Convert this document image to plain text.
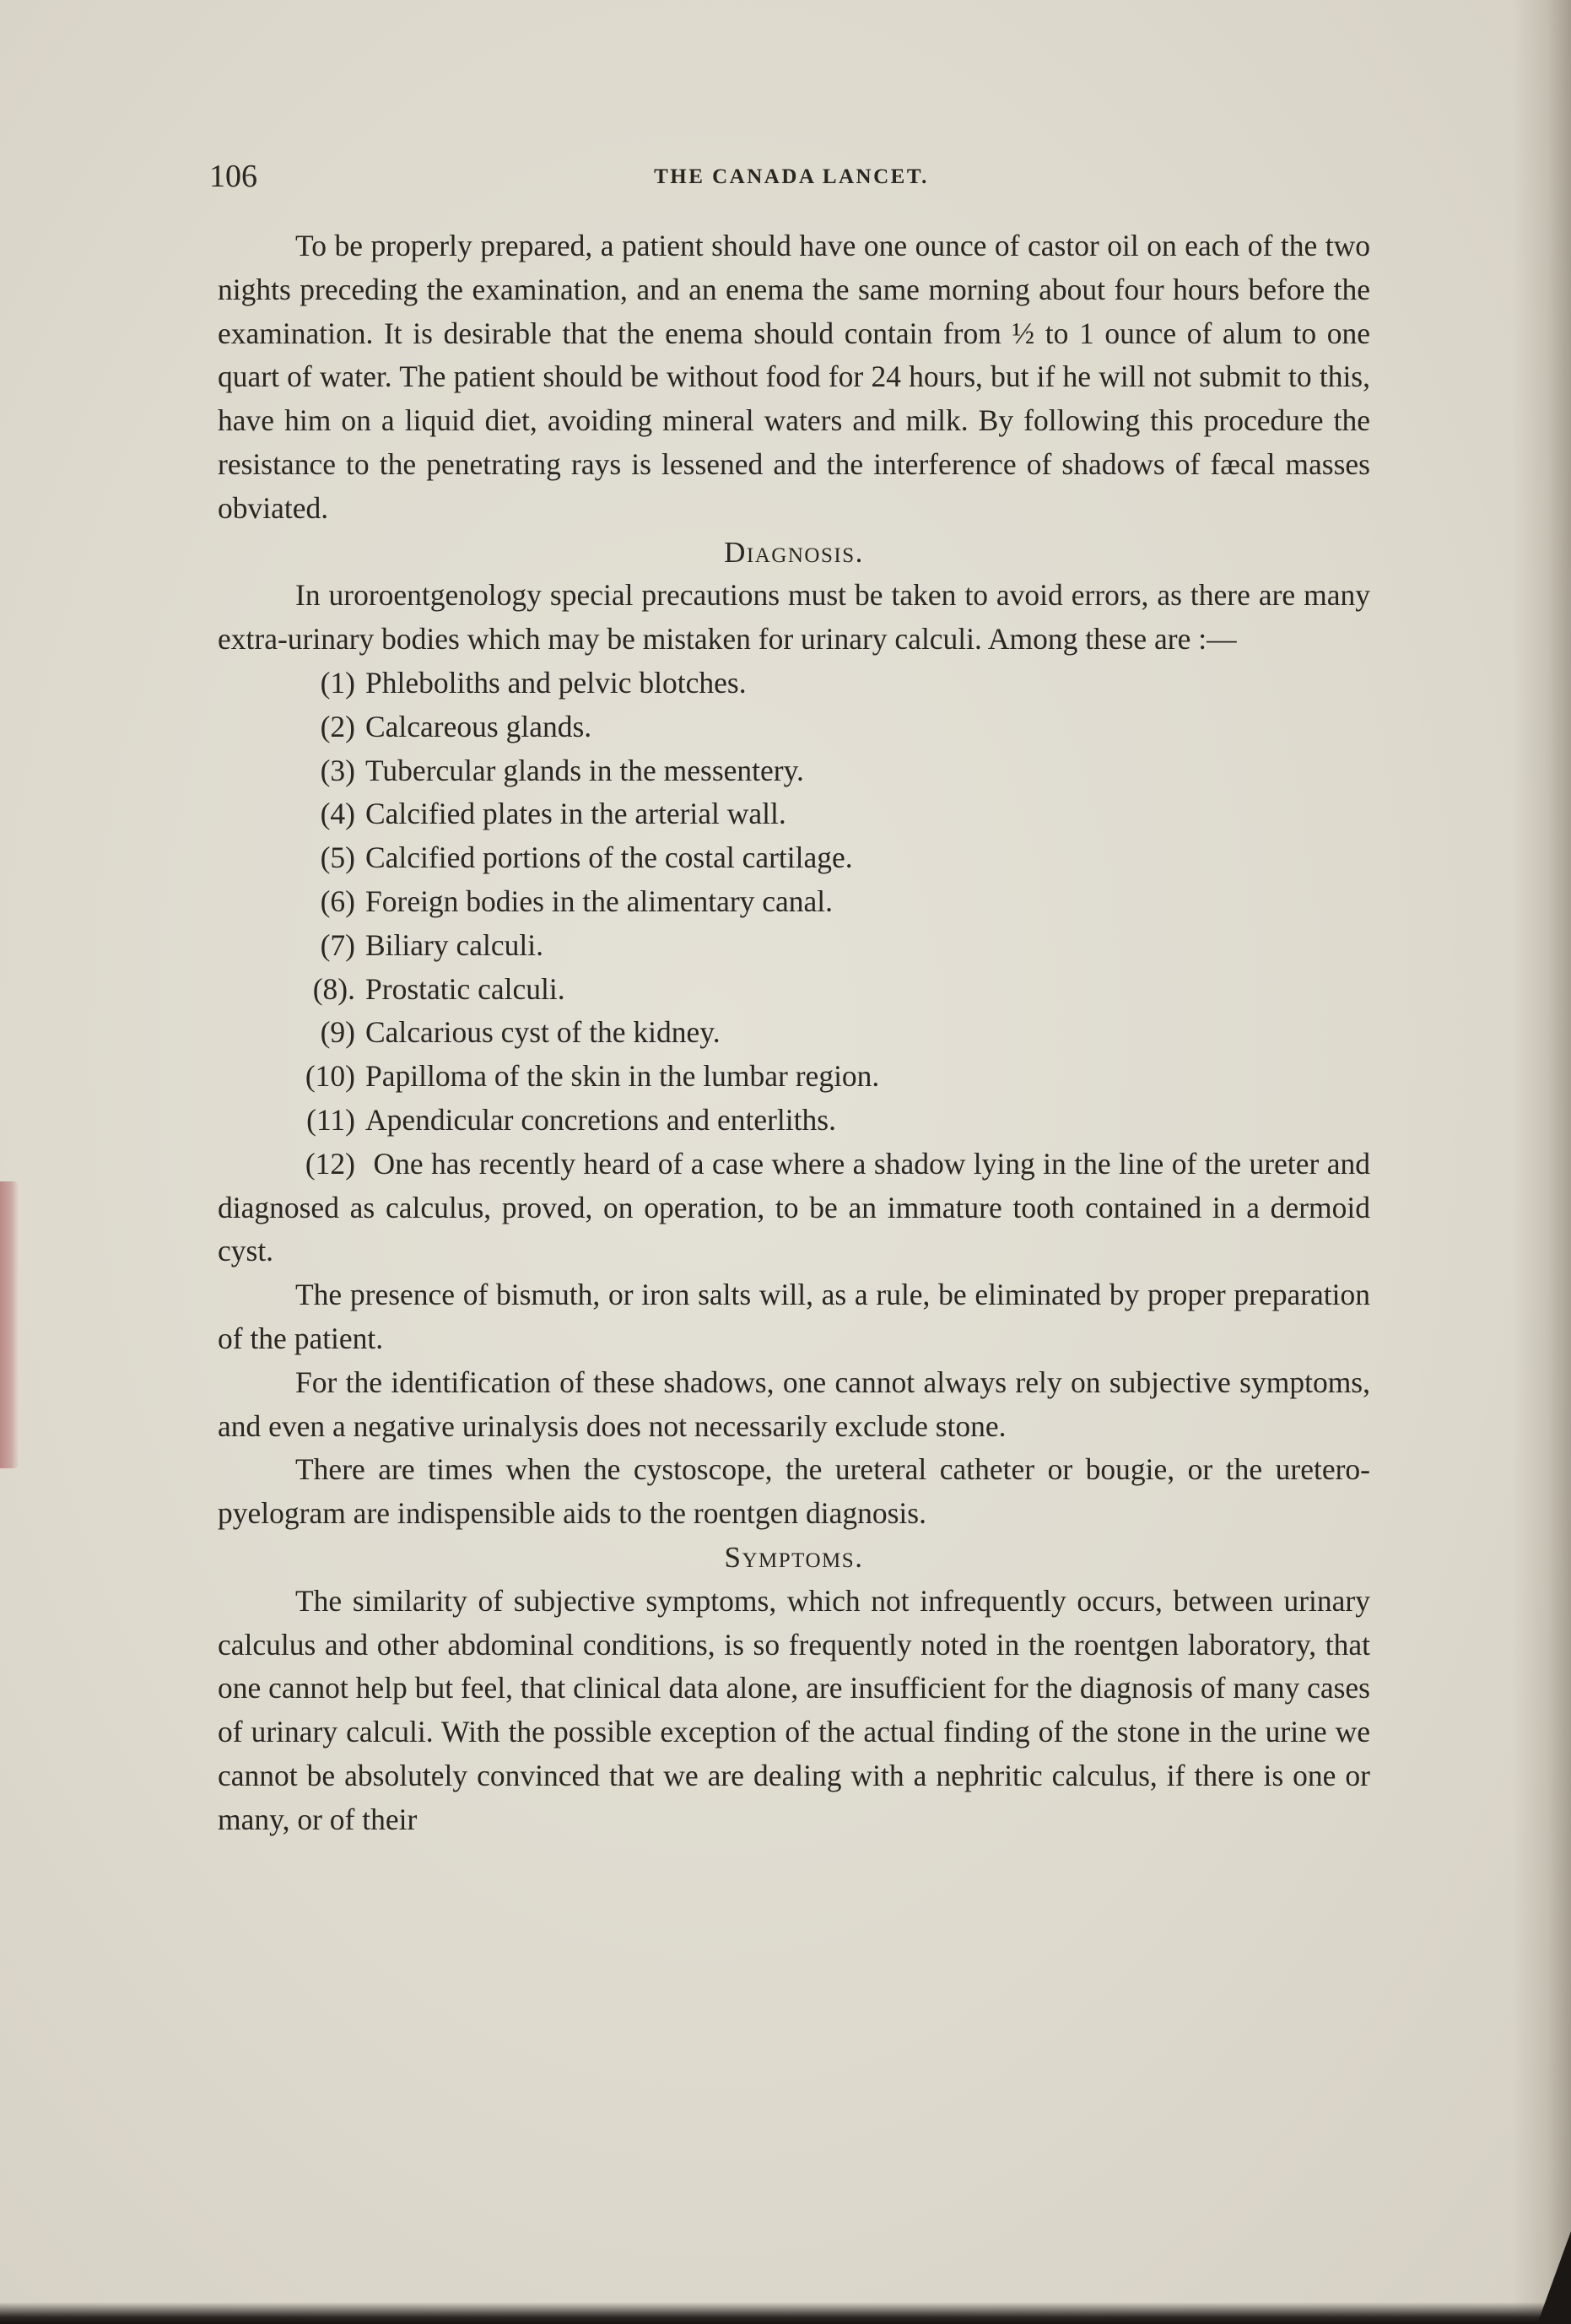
106	THE CANADA LANCET.

To be properly prepared, a patient should have one ounce of castor oil on each of the two nights preceding the examination, and an enema the same morning about four hours before the examination. It is desirable that the enema should contain from ½ to 1 ounce of alum to one quart of water. The patient should be without food for 24 hours, but if he will not submit to this, have him on a liquid diet, avoiding mineral waters and milk. By following this procedure the resistance to the penetrating rays is lessened and the interference of shadows of fæcal masses obviated.

Diagnosis.

In uroroentgenology special precautions must be taken to avoid errors, as there are many extra-urinary bodies which may be mistaken for urinary calculi. Among these are :—

(1) Phleboliths and pelvic blotches.
(2) Calcareous glands.
(3) Tubercular glands in the messentery.
(4) Calcified plates in the arterial wall.
(5) Calcified portions of the costal cartilage.
(6) Foreign bodies in the alimentary canal.
(7) Biliary calculi.
(8). Prostatic calculi.
(9) Calcarious cyst of the kidney.
(10) Papilloma of the skin in the lumbar region.
(11) Apendicular concretions and enterliths.

(12) One has recently heard of a case where a shadow lying in the line of the ureter and diagnosed as calculus, proved, on operation, to be an immature tooth contained in a dermoid cyst.

The presence of bismuth, or iron salts will, as a rule, be eliminated by proper preparation of the patient.

For the identification of these shadows, one cannot always rely on subjective symptoms, and even a negative urinalysis does not necessarily exclude stone.

There are times when the cystoscope, the ureteral catheter or bougie, or the uretero-pyelogram are indispensible aids to the roentgen diagnosis.

Symptoms.

The similarity of subjective symptoms, which not infrequently occurs, between urinary calculus and other abdominal conditions, is so frequently noted in the roentgen laboratory, that one cannot help but feel, that clinical data alone, are insufficient for the diagnosis of many cases of urinary calculi. With the possible exception of the actual finding of the stone in the urine we cannot be absolutely convinced that we are dealing with a nephritic calculus, if there is one or many, or of their
